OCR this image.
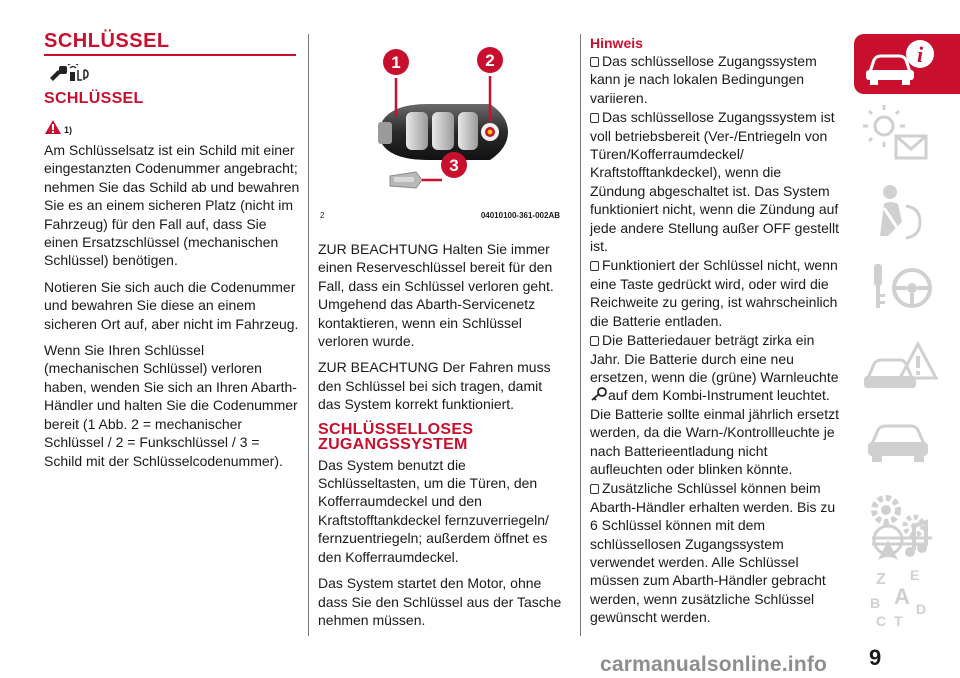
SCHLÜSSEL
SCHLÜSSEL
1)

Am Schlüsselsatz ist ein Schild mit einer eingestanzten Codenummer angebracht; nehmen Sie das Schild ab und bewahren Sie es an einem sicheren Platz (nicht im Fahrzeug) für den Fall auf, dass Sie einen Ersatzschlüssel (mechanischen Schlüssel) benötigen.

Notieren Sie sich auch die Codenummer und bewahren Sie diese an einem sicheren Ort auf, aber nicht im Fahrzeug.

Wenn Sie Ihren Schlüssel (mechanischen Schlüssel) verloren haben, wenden Sie sich an Ihren Abarth-Händler und halten Sie die Codenummer bereit (1 Abb. 2 = mechanischer Schlüssel / 2 = Funkschlüssel / 3 = Schild mit der Schlüsselcodenummer).

1	2
3
2	04010100-361-002AB

ZUR BEACHTUNG Halten Sie immer einen Reserveschlüssel bereit für den Fall, dass ein Schlüssel verloren geht. Umgehend das Abarth-Servicenetz kontaktieren, wenn ein Schlüssel verloren wurde.

ZUR BEACHTUNG Der Fahren muss den Schlüssel bei sich tragen, damit das System korrekt funktioniert.

SCHLÜSSELLOSES
ZUGANGSSYSTEM

Das System benutzt die Schlüsseltasten, um die Türen, den Kofferraumdeckel und den Kraftstofftankdeckel fernzuverriegeln/ fernzuentriegeln; außerdem öffnet es den Kofferraumdeckel.

Das System startet den Motor, ohne dass Sie den Schlüssel aus der Tasche nehmen müssen.

Hinweis

Das schlüssellose Zugangssystem kann je nach lokalen Bedingungen variieren.

Das schlüssellose Zugangssystem ist voll betriebsbereit (Ver-/Entriegeln von Türen/Kofferraumdeckel/ Kraftstofftankdeckel), wenn die Zündung abgeschaltet ist. Das System funktioniert nicht, wenn die Zündung auf jede andere Stellung außer OFF gestellt ist.

Funktioniert der Schlüssel nicht, wenn eine Taste gedrückt wird, oder wird die Reichweite zu gering, ist wahrscheinlich die Batterie entladen.

Die Batteriedauer beträgt zirka ein Jahr. Die Batterie durch eine neu ersetzen, wenn die (grüne) Warnleuchte
auf dem Kombi-Instrument leuchtet. Die Batterie sollte einmal jährlich ersetzt werden, da die Warn-/Kontrollleuchte je nach Batterieentladung nicht aufleuchten oder blinken könnte.

Zusätzliche Schlüssel können beim Abarth-Händler erhalten werden. Bis zu 6 Schlüssel können mit dem schlüssellosen Zugangssystem verwendet werden. Alle Schlüssel müssen zum Abarth-Händler gebracht werden, wenn zusätzliche Schlüssel gewünscht werden.

i
Z E
A
B
C T
D
9
carmanualsonline.info
